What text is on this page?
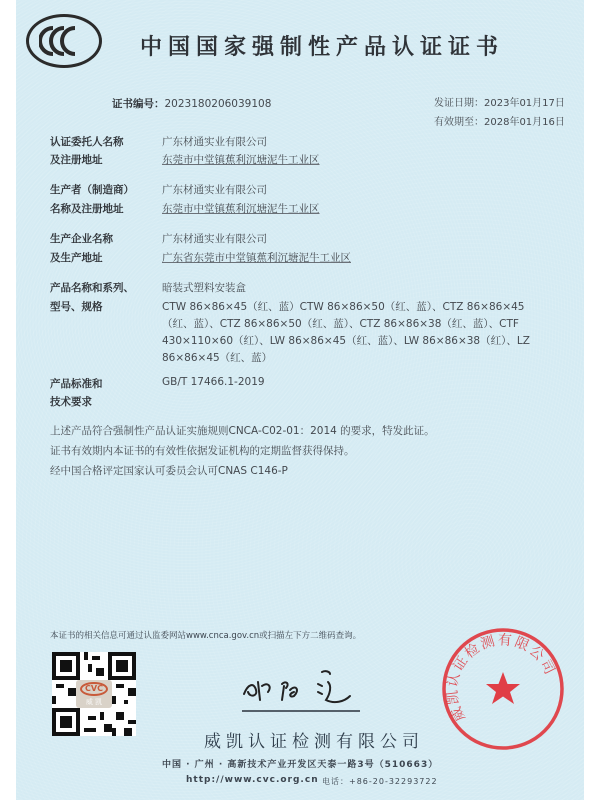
中国国家强制性产品认证证书
证书编号：2023180206039108	发证日期：2023年01月17日
有效期至：2028年01月16日
认证委托人名称
及注册地址
广东材通实业有限公司
东莞市中堂镇蕉利沉塘泥牛工业区
生产者（制造商）
名称及注册地址
广东材通实业有限公司
东莞市中堂镇蕉利沉塘泥牛工业区
生产企业名称
及生产地址
广东材通实业有限公司
广东省东莞市中堂镇蕉利沉塘泥牛工业区
产品名称和系列、
型号、规格
暗装式塑料安装盒
CTW 86×86×45（红、蓝）CTW 86×86×50（红、蓝）、CTZ 86×86×45 （红、蓝）、CTZ 86×86×50（红、蓝）、CTZ 86×86×38（红、蓝）、CTF 430×110×60（红）、LW 86×86×45（红、蓝）、LW 86×86×38（红）、LZ 86×86×45（红、蓝）
产品标准和
技术要求
GB/T 17466.1-2019
上述产品符合强制性产品认证实施规则CNCA-C02-01：2014 的要求，特发此证。
证书有效期内本证书的有效性依据发证机构的定期监督获得保持。
经中国合格评定国家认可委员会认可CNAS C146-P
本证书的相关信息可通过认监委网站www.cnca.gov.cn或扫描左下方二维码查询。
CVC
威 凯
威凯认证检测有限公司
中国 · 广州 · 高新技术产业开发区天泰一路3号（510663）
http://www.cvc.org.cn 电话：+86-20-32293722
威凯认证检测有限公司
